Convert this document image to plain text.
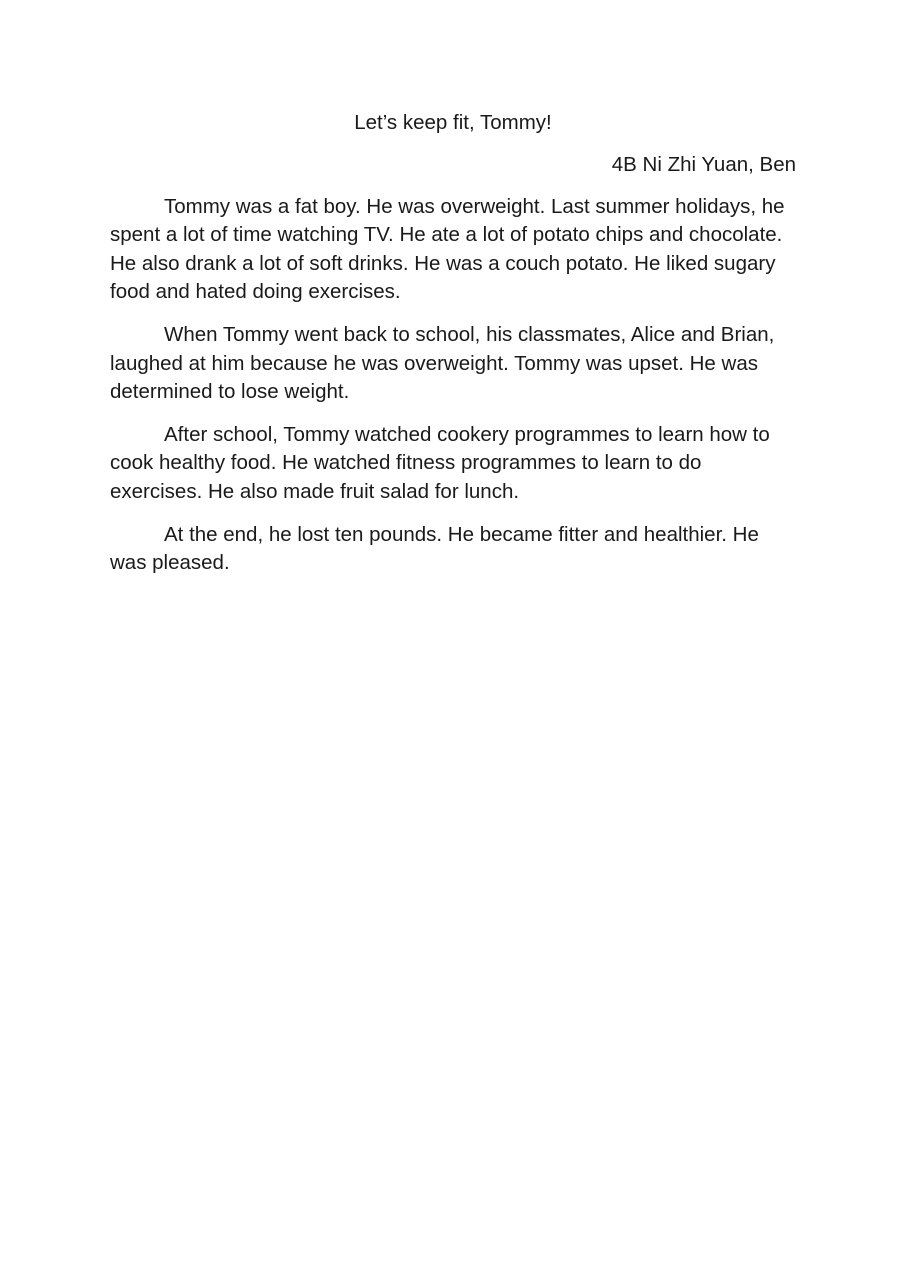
Let’s keep fit, Tommy!

4B Ni Zhi Yuan, Ben

Tommy was a fat boy. He was overweight. Last summer holidays, he spent a lot of time watching TV. He ate a lot of potato chips and chocolate. He also drank a lot of soft drinks. He was a couch potato. He liked sugary food and hated doing exercises.

When Tommy went back to school, his classmates, Alice and Brian, laughed at him because he was overweight. Tommy was upset. He was determined to lose weight.

After school, Tommy watched cookery programmes to learn how to cook healthy food. He watched fitness programmes to learn to do exercises. He also made fruit salad for lunch.

At the end, he lost ten pounds. He became fitter and healthier. He was pleased.
